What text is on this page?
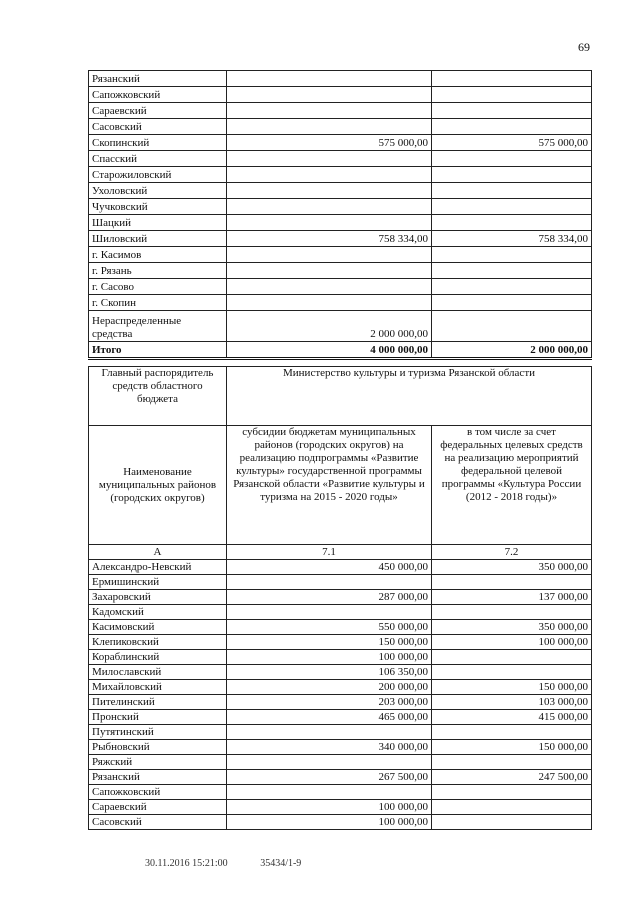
69
Рязанский		
Сапожковский		
Сараевский		
Сасовский		
Скопинский	575 000,00	575 000,00
Спасский		
Старожиловский		
Ухоловский		
Чучковский		
Шацкий		
Шиловский	758 334,00	758 334,00
г. Касимов		
г. Рязань		
г. Сасово		
г. Скопин		
Нераспределенные средства	2 000 000,00	
Итого	4 000 000,00	2 000 000,00
Главный распорядитель средств областного бюджета	Министерство культуры и туризма Рязанской области	
Наименование муниципальных районов (городских округов)	субсидии бюджетам муниципальных районов (городских округов) на реализацию подпрограммы «Развитие культуры» государственной программы Рязанской области «Развитие культуры и туризма на 2015 - 2020 годы»	в том числе за счет федеральных целевых средств на реализацию мероприятий федеральной целевой программы «Культура России (2012 - 2018 годы)»
А	7.1	7.2
Александро-Невский	450 000,00	350 000,00
Ермишинский		
Захаровский	287 000,00	137 000,00
Кадомский		
Касимовский	550 000,00	350 000,00
Клепиковский	150 000,00	100 000,00
Кораблинский	100 000,00	
Милославский	106 350,00	
Михайловский	200 000,00	150 000,00
Пителинский	203 000,00	103 000,00
Пронский	465 000,00	415 000,00
Путятинский		
Рыбновский	340 000,00	150 000,00
Ряжский		
Рязанский	267 500,00	247 500,00
Сапожковский		
Сараевский	100 000,00	
Сасовский	100 000,00	
30.11.2016 15:21:00	35434/1-9
